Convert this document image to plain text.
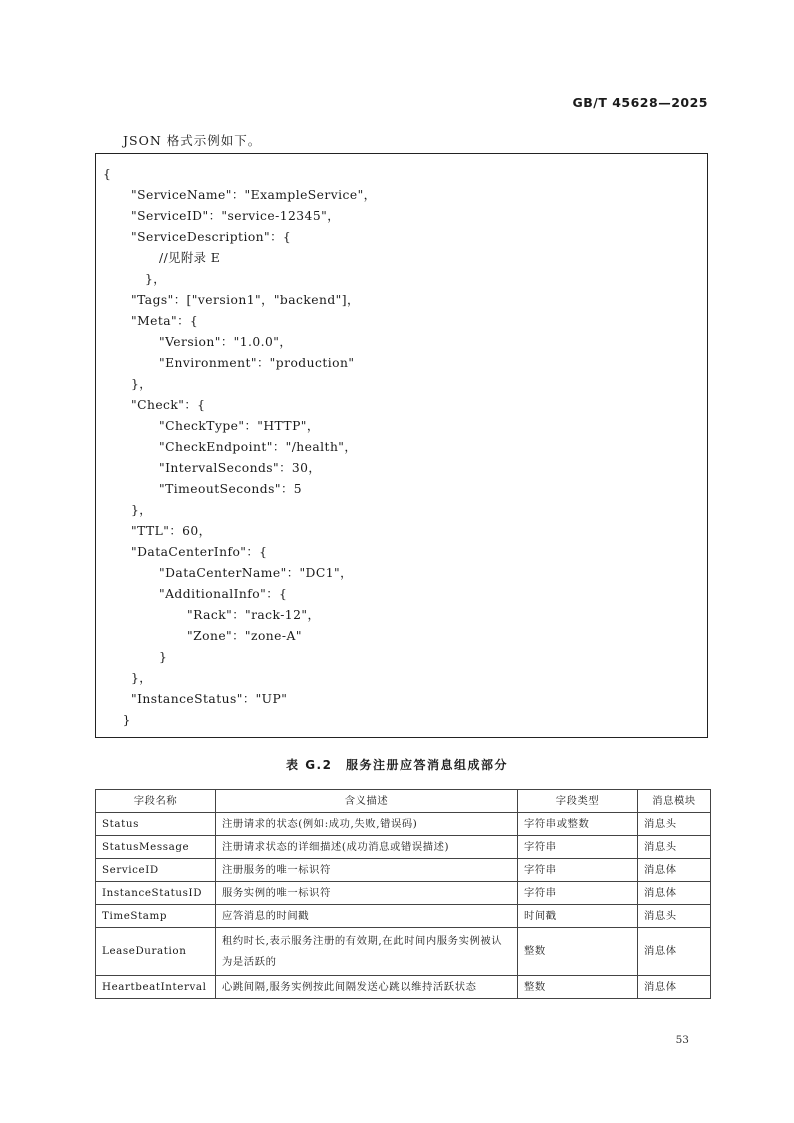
GB/T 45628—2025
JSON 格式示例如下。
{
"ServiceName"："ExampleService"，
"ServiceID"："service-12345"，
"ServiceDescription"：{
//见附录 E
}，
"Tags"：["version1"，"backend"]，
"Meta"：{
"Version"："1.0.0"，
"Environment"："production"
}，
"Check"：{
"CheckType"："HTTP"，
"CheckEndpoint"："/health"，
"IntervalSeconds"：30，
"TimeoutSeconds"：5
}，
"TTL"：60，
"DataCenterInfo"：{
"DataCenterName"："DC1"，
"AdditionalInfo"：{
"Rack"："rack-12"，
"Zone"："zone-A"
}
}，
"InstanceStatus"："UP"
}
表 G.2　服务注册应答消息组成部分
字段名称	含义描述	字段类型	消息模块
Status	注册请求的状态(例如:成功,失败,错误码)	字符串或整数	消息头
StatusMessage	注册请求状态的详细描述(成功消息或错误描述)	字符串	消息头
ServiceID	注册服务的唯一标识符	字符串	消息体
InstanceStatusID	服务实例的唯一标识符	字符串	消息体
TimeStamp	应答消息的时间戳	时间戳	消息头
LeaseDuration	租约时长,表示服务注册的有效期,在此时间内服务实例被认为是活跃的	整数	消息体
HeartbeatInterval	心跳间隔,服务实例按此间隔发送心跳以维持活跃状态	整数	消息体
53
